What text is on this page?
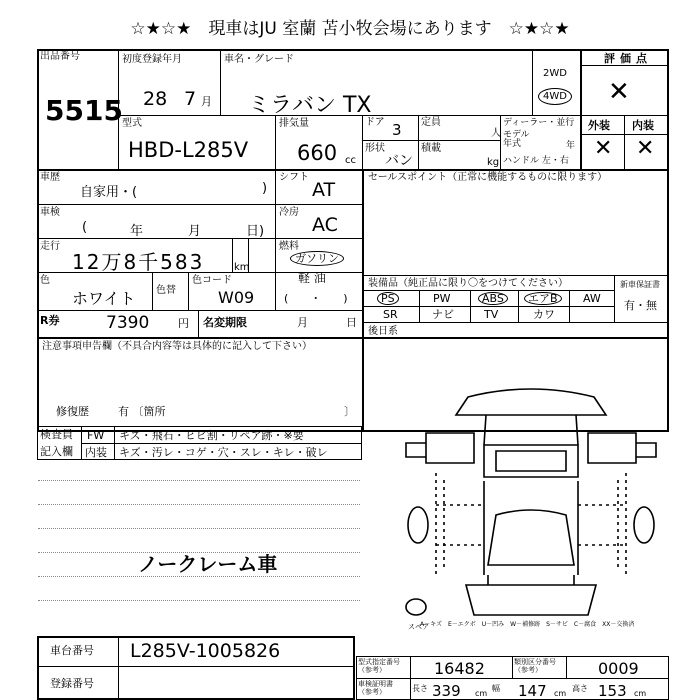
☆★☆★　現車はJU 室蘭 苫小牧会場にあります　☆★☆★
出品番号
5515
初度登録年月
28 7 月
車名・グレード
ミラバン TX
2WD
4WD
評価点
✕
外装 内装
✕ ✕
型式
HBD-L285V
排気量
660 cc
ドア 3 定員
人
ディーラー・並行
モデル年式	年
ハンドル 左・右
形状
バン
積載
kg
車歴
自家用・(	)
シフト
AT
車検
(	年	月	日)
冷房
AC
走行
12万8千583	km
燃料
ガソリン
軽 油
(　　・　　)
色
ホワイト 色替
色コード
W09
R券	7390	円 名変期限	月	日
セールスポイント（正常に機能するものに限ります）
装備品（純正品に限り〇をつけてください）
PS	PW	ABS	エアB	AW
SR	ナビ	TV	カワ
新車保証書
有・無
後日系
注意事項申告欄（不具合内容等は具体的に記入して下さい）
修復歴	有 〔箇所	〕
検査員
記入欄
FW キズ・飛石・ヒビ割・リペア跡・※要
内装 キズ・汚レ・コゲ・穴・スレ・キレ・破レ
ノークレーム車
スペア
A－キズ　E－エクボ　U－凹み　W－補修跡　S－サビ　C－腐食　XX－交換済
車台番号 L285V-1005826
登録番号
型式指定番号
（参考）	16482	類別区分番号
（参考）	0009
車検証明書
（参考）	長さ 339 cm
幅 147 cm
高さ 153 cm
